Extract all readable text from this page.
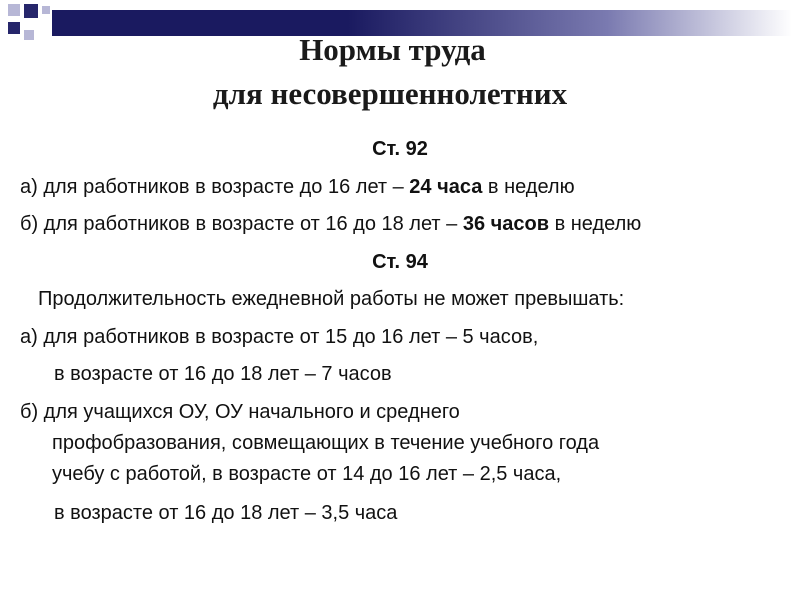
Нормы труда
для несовершеннолетних
Ст. 92
а) для работников в возрасте до 16 лет – 24 часа в неделю
б) для работников в возрасте от 16 до 18 лет – 36 часов в неделю
Ст. 94
Продолжительность ежедневной работы не может превышать:
а) для работников в возрасте от 15 до 16 лет – 5 часов,
в возрасте от 16 до 18 лет – 7 часов
б) для учащихся ОУ, ОУ начального и среднего
профобразования, совмещающих в течение учебного года
учебу с работой, в возрасте от 14 до 16 лет – 2,5 часа,
в возрасте от 16 до 18 лет – 3,5 часа
